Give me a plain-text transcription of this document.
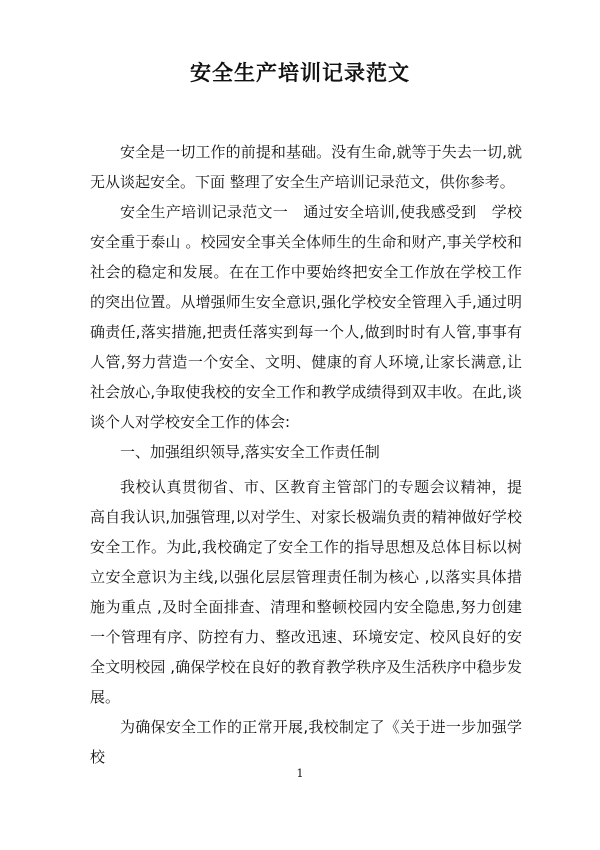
安全生产培训记录范文

安全是一切工作的前提和基础。没有生命,就等于失去一切,就无从谈起安全。下面 整理了安全生产培训记录范文，供你参考。

安全生产培训记录范文一　通过安全培训,使我感受到　学校安全重于泰山 。校园安全事关全体师生的生命和财产,事关学校和社会的稳定和发展。在在工作中要始终把安全工作放在学校工作的突出位置。从增强师生安全意识,强化学校安全管理入手,通过明确责任,落实措施,把责任落实到每一个人,做到时时有人管,事事有人管,努力营造一个安全、文明、健康的育人环境,让家长满意,让社会放心,争取使我校的安全工作和教学成绩得到双丰收。在此,谈谈个人对学校安全工作的体会:

一、加强组织领导,落实安全工作责任制

我校认真贯彻省、市、区教育主管部门的专题会议精神，提高自我认识,加强管理,以对学生、对家长极端负责的精神做好学校安全工作。为此,我校确定了安全工作的指导思想及总体目标以树立安全意识为主线,以强化层层管理责任制为核心 ,以落实具体措施为重点 ,及时全面排查、清理和整顿校园内安全隐患,努力创建一个管理有序、防控有力、整改迅速、环境安定、校风良好的安全文明校园 ,确保学校在良好的教育教学秩序及生活秩序中稳步发展。

为确保安全工作的正常开展,我校制定了《关于进一步加强学校

1
